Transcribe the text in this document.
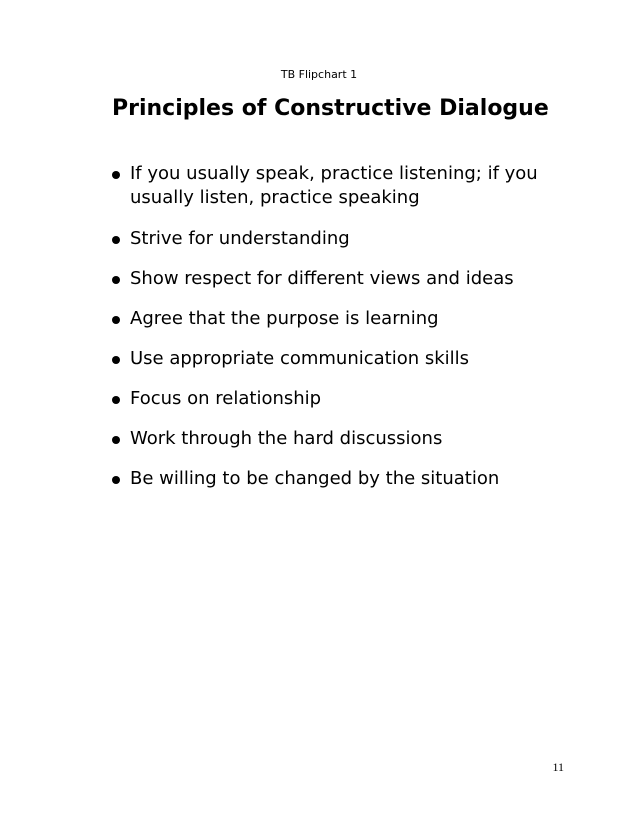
TB Flipchart 1
Principles of Constructive Dialogue
If you usually speak, practice listening; if you usually listen, practice speaking
Strive for understanding
Show respect for different views and ideas
Agree that the purpose is learning
Use appropriate communication skills
Focus on relationship
Work through the hard discussions
Be willing to be changed by the situation
11
